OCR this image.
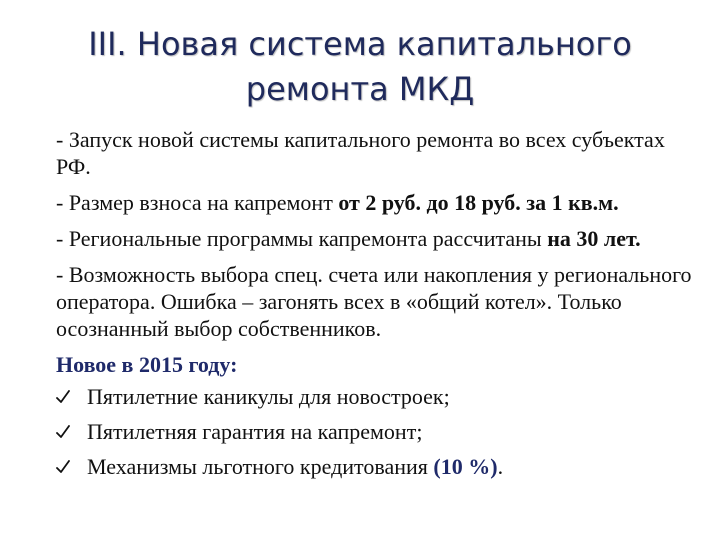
III. Новая система капитального
ремонта МКД

- Запуск новой системы капитального ремонта во всех субъектах РФ.

- Размер взноса на капремонт от 2 руб. до 18 руб. за 1 кв.м.

- Региональные программы капремонта рассчитаны на 30 лет.

- Возможность выбора спец. счета или накопления у регионального оператора. Ошибка – загонять всех в «общий котел». Только осознанный выбор собственников.

Новое в 2015 году:

Пятилетние каникулы для новостроек;
Пятилетняя гарантия на капремонт;
Механизмы льготного кредитования (10 %).
